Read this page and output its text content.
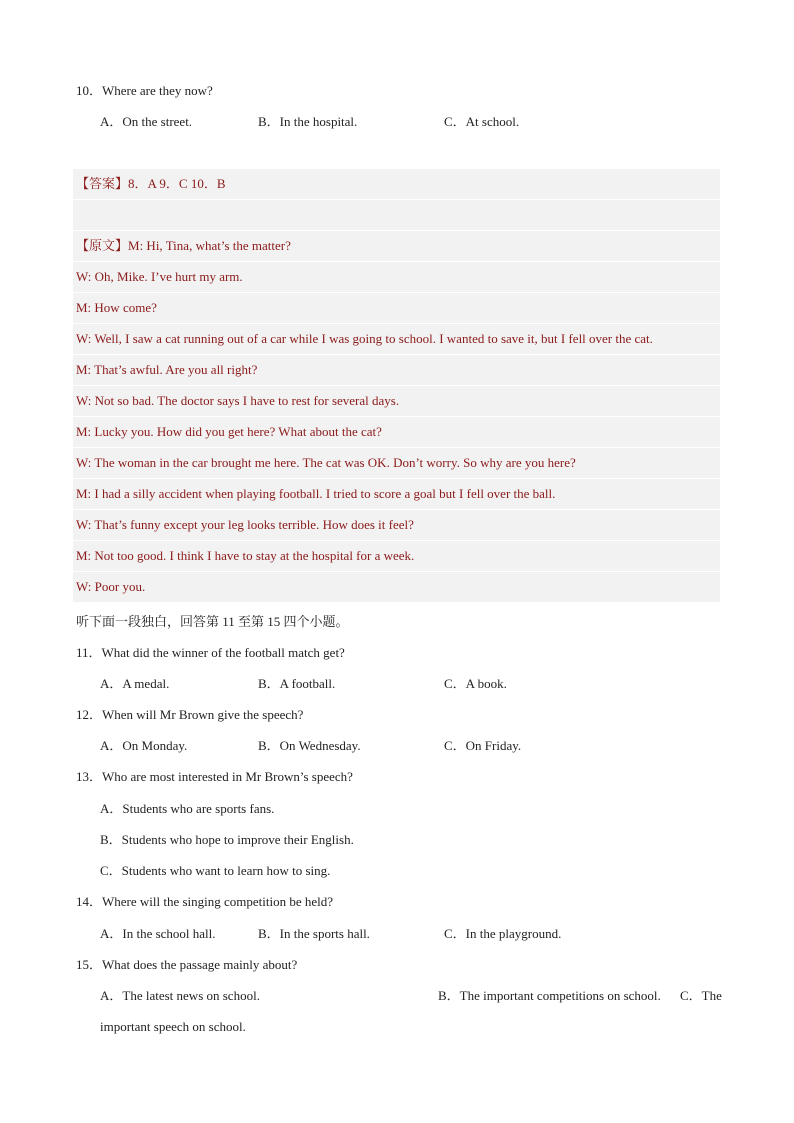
10．Where are they now?
A．On the street.	B．In the hospital.	C．At school.
【答案】8．A 9．C 10．B
【原文】M: Hi, Tina, what’s the matter?
W: Oh, Mike. I’ve hurt my arm.
M: How come?
W: Well, I saw a cat running out of a car while I was going to school. I wanted to save it, but I fell over the cat.
M: That’s awful. Are you all right?
W: Not so bad. The doctor says I have to rest for several days.
M: Lucky you. How did you get here? What about the cat?
W: The woman in the car brought me here. The cat was OK. Don’t worry. So why are you here?
M: I had a silly accident when playing football. I tried to score a goal but I fell over the ball.
W: That’s funny except your leg looks terrible. How does it feel?
M: Not too good. I think I have to stay at the hospital for a week.
W: Poor you.
听下面一段独白，回答第 11 至第 15 四个小题。
11．What did the winner of the football match get?
A．A medal.	B．A football.	C．A book.
12．When will Mr Brown give the speech?
A．On Monday.	B．On Wednesday.	C．On Friday.
13．Who are most interested in Mr Brown’s speech?
A．Students who are sports fans.
B．Students who hope to improve their English.
C．Students who want to learn how to sing.
14．Where will the singing competition be held?
A．In the school hall.	B．In the sports hall.	C．In the playground.
15．What does the passage mainly about?
A．The latest news on school.	B．The important competitions on school. C．The
important speech on school.
